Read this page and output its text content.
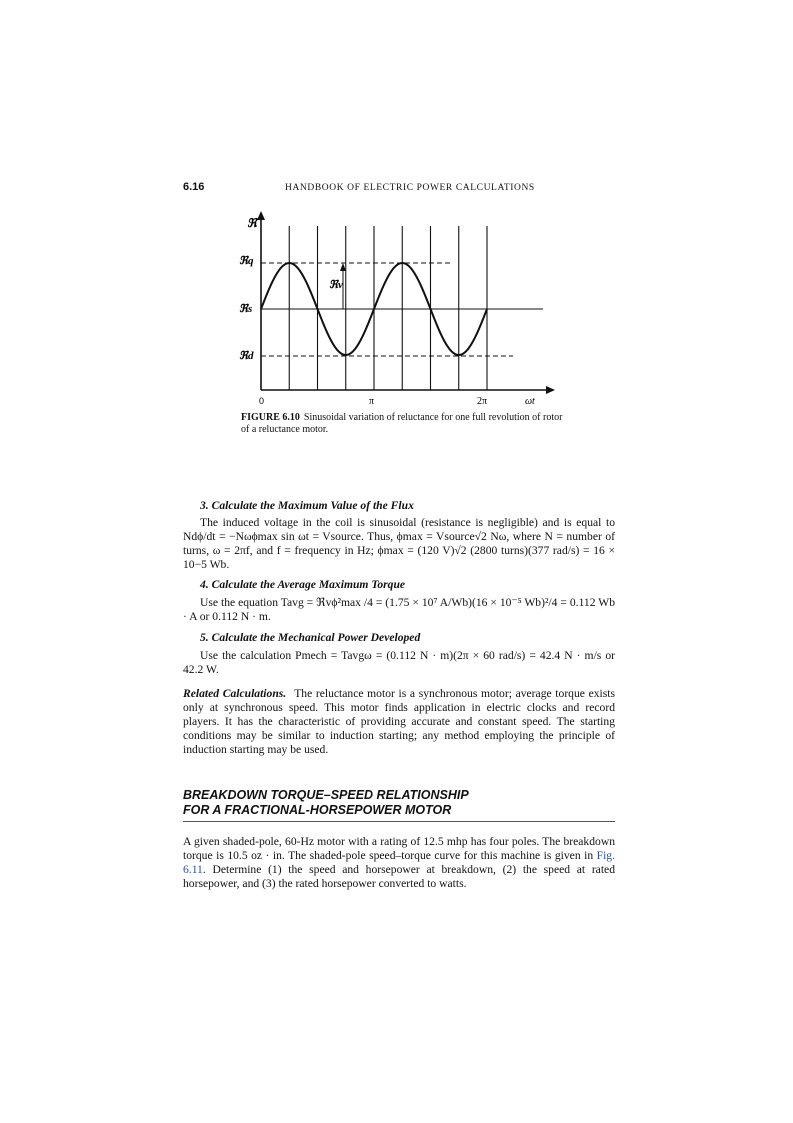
6.16	HANDBOOK OF ELECTRIC POWER CALCULATIONS
ℜ
ℜq
ℜs
ℜd
ℜv
0	π	2π	ωt
FIGURE 6.10 Sinusoidal variation of reluctance for one full revolution of rotor of a reluctance motor.
3. Calculate the Maximum Value of the Flux
The induced voltage in the coil is sinusoidal (resistance is negligible) and is equal to Ndϕ/dt = −Nωϕmax sin ωt = Vsource. Thus, ϕmax = Vsource√2 Nω, where N = number of turns, ω = 2πf, and f = frequency in Hz; ϕmax = (120 V)√2 (2800 turns)(377 rad/s) = 16 × 10−5 Wb.
4. Calculate the Average Maximum Torque
Use the equation Tavg = ℜvϕ²max /4 = (1.75 × 10⁷ A/Wb)(16 × 10⁻⁵ Wb)²/4 = 0.112 Wb · A or 0.112 N · m.
5. Calculate the Mechanical Power Developed
Use the calculation Pmech = Tavgω = (0.112 N · m)(2π × 60 rad/s) = 42.4 N · m/s or 42.2 W.
Related Calculations. The reluctance motor is a synchronous motor; average torque exists only at synchronous speed. This motor finds application in electric clocks and record players. It has the characteristic of providing accurate and constant speed. The starting conditions may be similar to induction starting; any method employing the principle of induction starting may be used.
BREAKDOWN TORQUE–SPEED RELATIONSHIP
FOR A FRACTIONAL-HORSEPOWER MOTOR
A given shaded-pole, 60-Hz motor with a rating of 12.5 mhp has four poles. The breakdown torque is 10.5 oz · in. The shaded-pole speed–torque curve for this machine is given in Fig. 6.11. Determine (1) the speed and horsepower at breakdown, (2) the speed at rated horsepower, and (3) the rated horsepower converted to watts.
